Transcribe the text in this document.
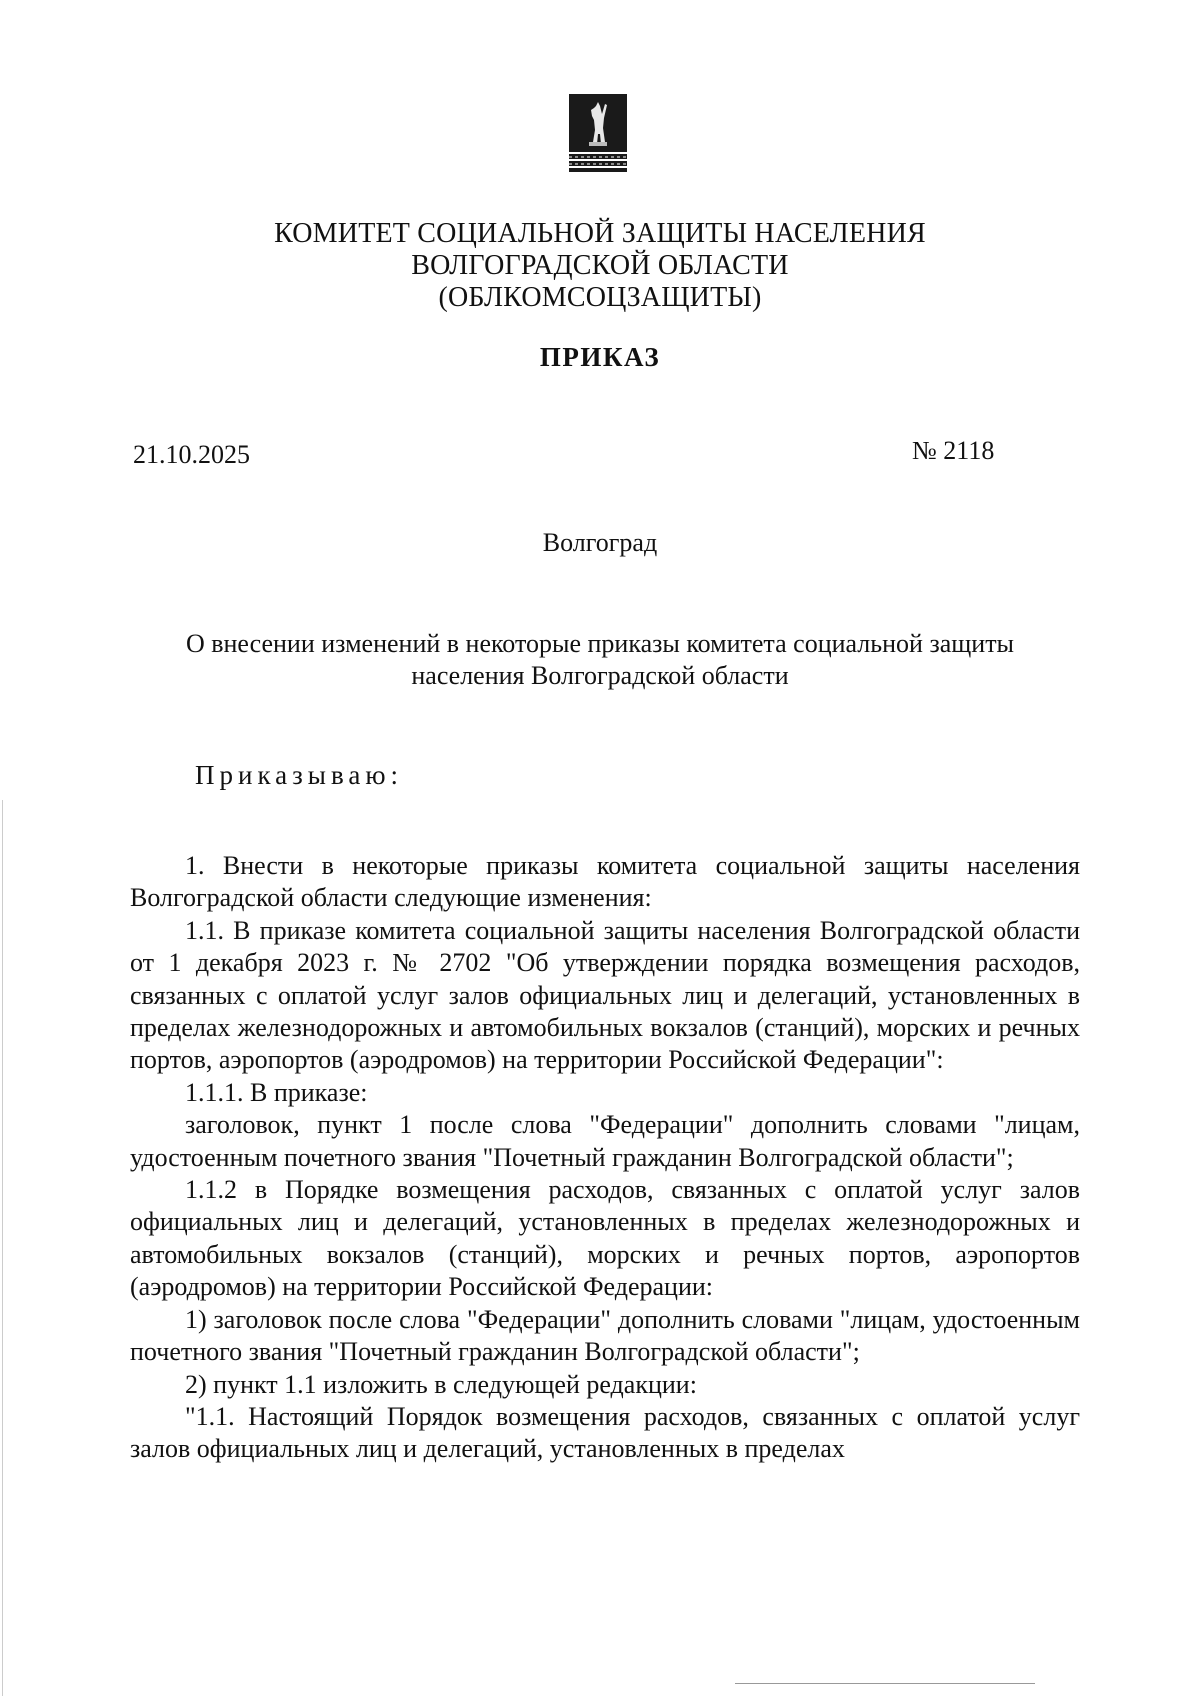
КОМИТЕТ СОЦИАЛЬНОЙ ЗАЩИТЫ НАСЕЛЕНИЯ
ВОЛГОГРАДСКОЙ ОБЛАСТИ
(ОБЛКОМСОЦЗАЩИТЫ)
ПРИКАЗ
21.10.2025	№ 2118
Волгоград
О внесении изменений в некоторые приказы комитета социальной защиты
населения Волгоградской области
Приказываю:

1. Внести в некоторые приказы комитета социальной защиты населения Волгоградской области следующие изменения:

1.1. В приказе комитета социальной защиты населения Волгоградской области от 1 декабря 2023 г. № 2702 "Об утверждении порядка возмещения расходов, связанных с оплатой услуг залов официальных лиц и делегаций, установленных в пределах железнодорожных и автомобильных вокзалов (станций), морских и речных портов, аэропортов (аэродромов) на территории Российской Федерации":

1.1.1. В приказе:

заголовок, пункт 1 после слова "Федерации" дополнить словами "лицам, удостоенным почетного звания "Почетный гражданин Волгоградской области";

1.1.2 в Порядке возмещения расходов, связанных с оплатой услуг залов официальных лиц и делегаций, установленных в пределах железнодорожных и автомобильных вокзалов (станций), морских и речных портов, аэропортов (аэродромов) на территории Российской Федерации:

1) заголовок после слова "Федерации" дополнить словами "лицам, удостоенным почетного звания "Почетный гражданин Волгоградской области";

2) пункт 1.1 изложить в следующей редакции:

"1.1. Настоящий Порядок возмещения расходов, связанных с оплатой услуг залов официальных лиц и делегаций, установленных в пределах
